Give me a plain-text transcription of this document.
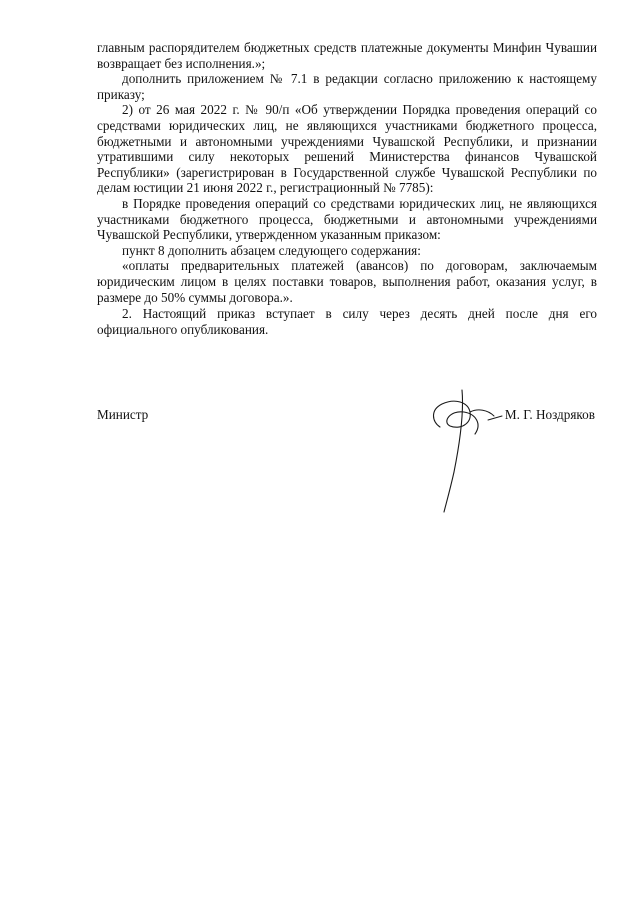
главным распорядителем бюджетных средств платежные документы Минфин Чувашии возвращает без исполнения.»;

дополнить приложением № 7.1 в редакции согласно приложению к настоящему приказу;

2) от 26 мая 2022 г. № 90/п «Об утверждении Порядка проведения операций со средствами юридических лиц, не являющихся участниками бюджетного процесса, бюджетными и автономными учреждениями Чувашской Республики, и признании утратившими силу некоторых решений Министерства финансов Чувашской Республики» (зарегистрирован в Государственной службе Чувашской Республики по делам юстиции 21 июня 2022 г., регистрационный № 7785):

в Порядке проведения операций со средствами юридических лиц, не являющихся участниками бюджетного процесса, бюджетными и автономными учреждениями Чувашской Республики, утвержденном указанным приказом:

пункт 8 дополнить абзацем следующего содержания:

«оплаты предварительных платежей (авансов) по договорам, заключаемым юридическим лицом в целях поставки товаров, выполнения работ, оказания услуг, в размере до 50% суммы договора.».

2. Настоящий приказ вступает в силу через десять дней после дня его официального опубликования.

Министр	М. Г. Ноздряков
